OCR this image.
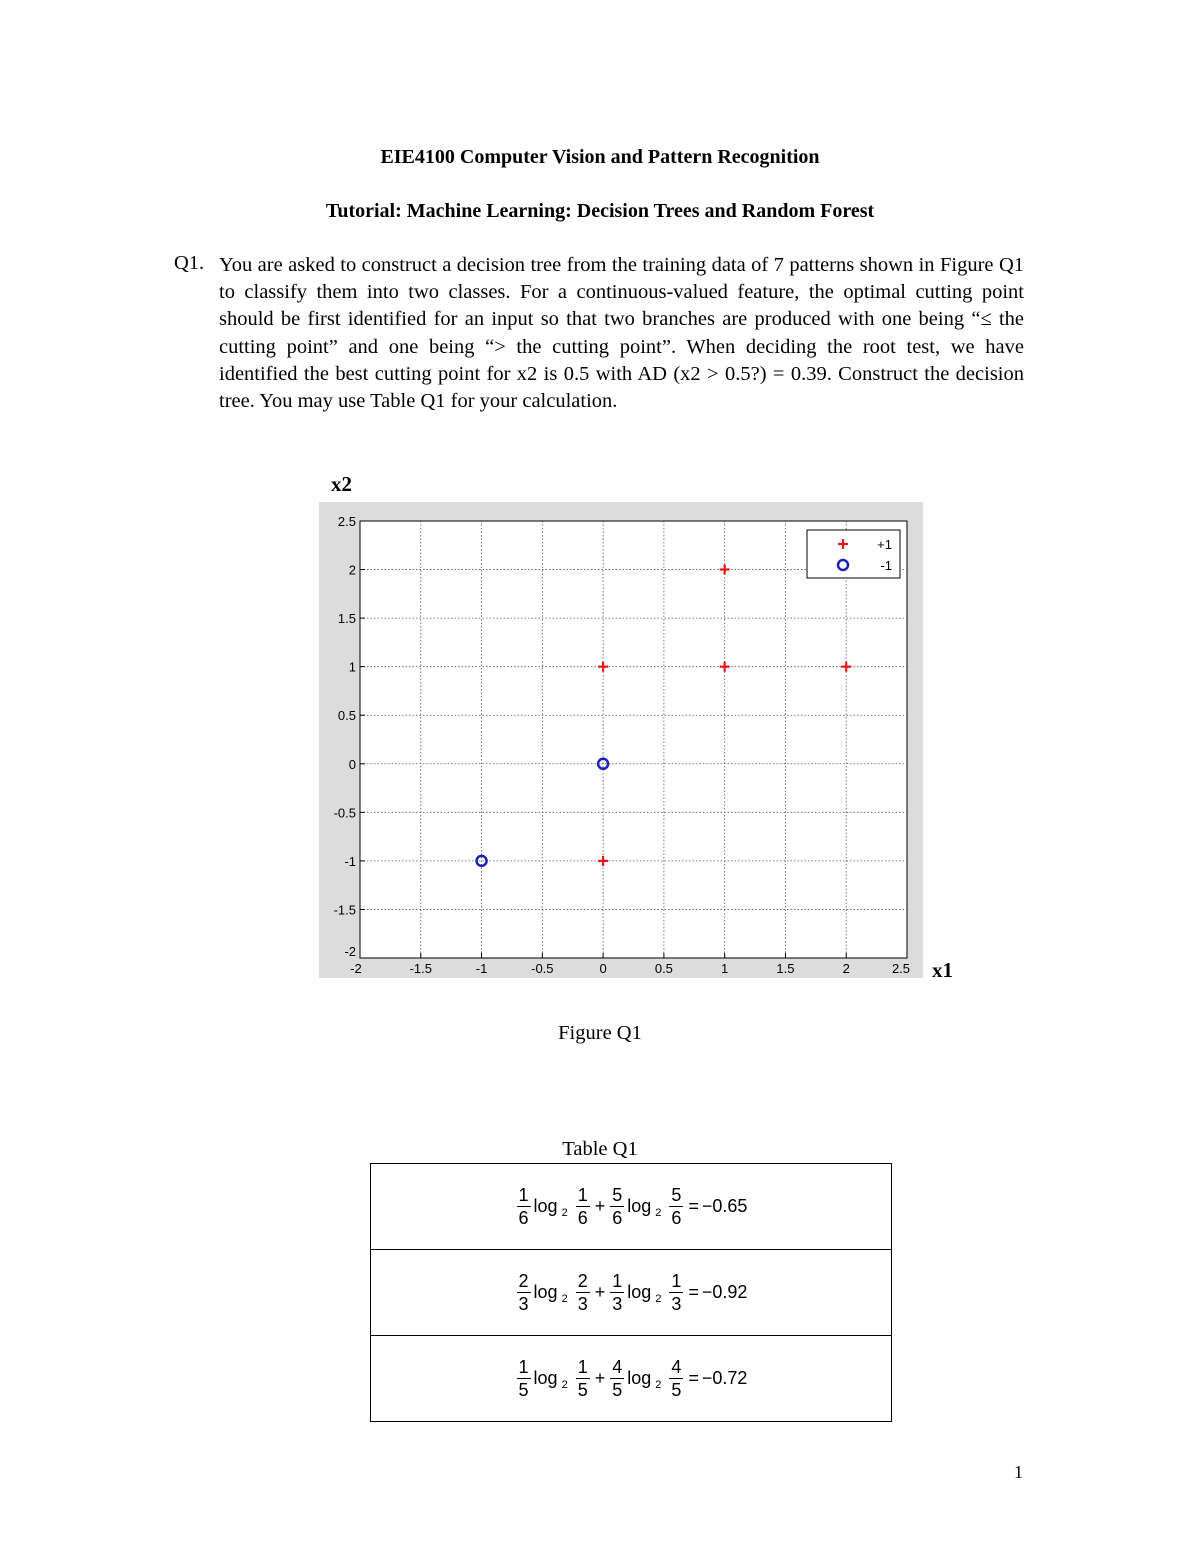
EIE4100 Computer Vision and Pattern Recognition
Tutorial: Machine Learning: Decision Trees and Random Forest
Q1. You are asked to construct a decision tree from the training data of 7 patterns shown in Figure Q1 to classify them into two classes. For a continuous-valued feature, the optimal cutting point should be first identified for an input so that two branches are produced with one being “≤ the cutting point” and one being “> the cutting point”. When deciding the root test, we have identified the best cutting point for x2 is 0.5 with AD (x2 > 0.5?) = 0.39. Construct the decision tree. You may use Table Q1 for your calculation.
x2
x1
-2	-1.5	-1	-0.5	0	0.5	1	1.5	2	2.5
-2
-1.5
-1
-0.5
0
0.5
1
1.5
2
2.5
+1
-1
Figure Q1
Table Q1
$\frac{1}{6}$ $\log 2 \frac{1}{6} + \frac{5}{6}$ $\log 2 \frac{5}{6} = -0.65$

$\frac{2}{3}$ $\log 2 \frac{2}{3} + \frac{1}{3}$ $\log 2 \frac{1}{3} = -0.92$

$\frac{1}{5}$ $\log 2 \frac{1}{5} + \frac{4}{5}$ $\log 2 \frac{4}{5} = -0.72$
1
